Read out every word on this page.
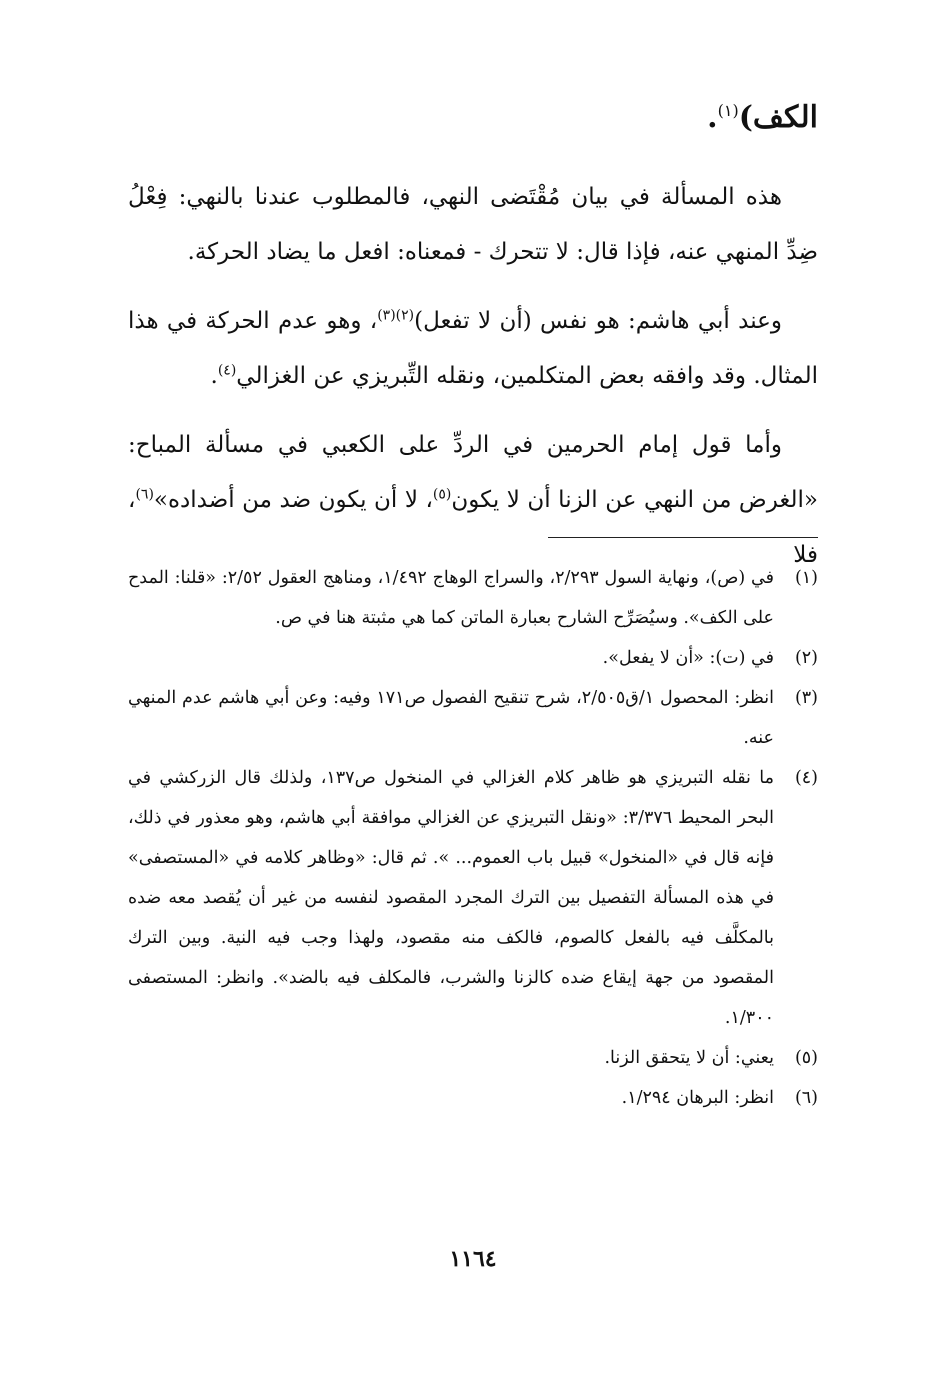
الكف)$^{(١)}$.

هذه المسألة في بيان مُقْتَضى النهي، فالمطلوب عندنا بالنهي: فِعْلُ ضِدِّ المنهي عنه، فإذا قال: لا تتحرك - فمعناه: افعل ما يضاد الحركة.

وعند أبي هاشم: هو نفس (أن لا تفعل)$^{(٢)(٣)}$، وهو عدم الحركة في هذا المثال. وقد وافقه بعض المتكلمين، ونقله التِّبريزي عن الغزالي$^{(٤)}$.

وأما قول إمام الحرمين في الردِّ على الكعبي في مسألة المباح: «الغرض من النهي عن الزنا أن لا يكون$^{(٥)}$، لا أن يكون ضد من أضداده»$^{(٦)}$، فلا

(١)
في (ص)، ونهاية السول ٢/٢٩٣، والسراج الوهاج ١/٤٩٢، ومناهج العقول ٢/٥٢: «قلنا: المدح على الكف». وسيُصَرِّح الشارح بعبارة الماتن كما هي مثبتة هنا في ص.
(٢)
في (ت): «أن لا يفعل».
(٣)
انظر: المحصول ١/ق٢/٥٠٥، شرح تنقيح الفصول ص١٧١ وفيه: وعن أبي هاشم عدم المنهي عنه.
(٤)
ما نقله التبريزي هو ظاهر كلام الغزالي في المنخول ص١٣٧، ولذلك قال الزركشي في البحر المحيط ٣/٣٧٦: «ونقل التبريزي عن الغزالي موافقة أبي هاشم، وهو معذور في ذلك، فإنه قال في «المنخول» قبيل باب العموم... ». ثم قال: «وظاهر كلامه في «المستصفى» في هذه المسألة التفصيل بين الترك المجرد المقصود لنفسه من غير أن يُقصد معه ضده بالمكلَّف فيه بالفعل كالصوم، فالكف منه مقصود، ولهذا وجب فيه النية. وبين الترك المقصود من جهة إيقاع ضده كالزنا والشرب، فالمكلف فيه بالضد». وانظر: المستصفى ١/٣٠٠.
(٥)
يعني: أن لا يتحقق الزنا.
(٦)
انظر: البرهان ١/٢٩٤.
١١٦٤
